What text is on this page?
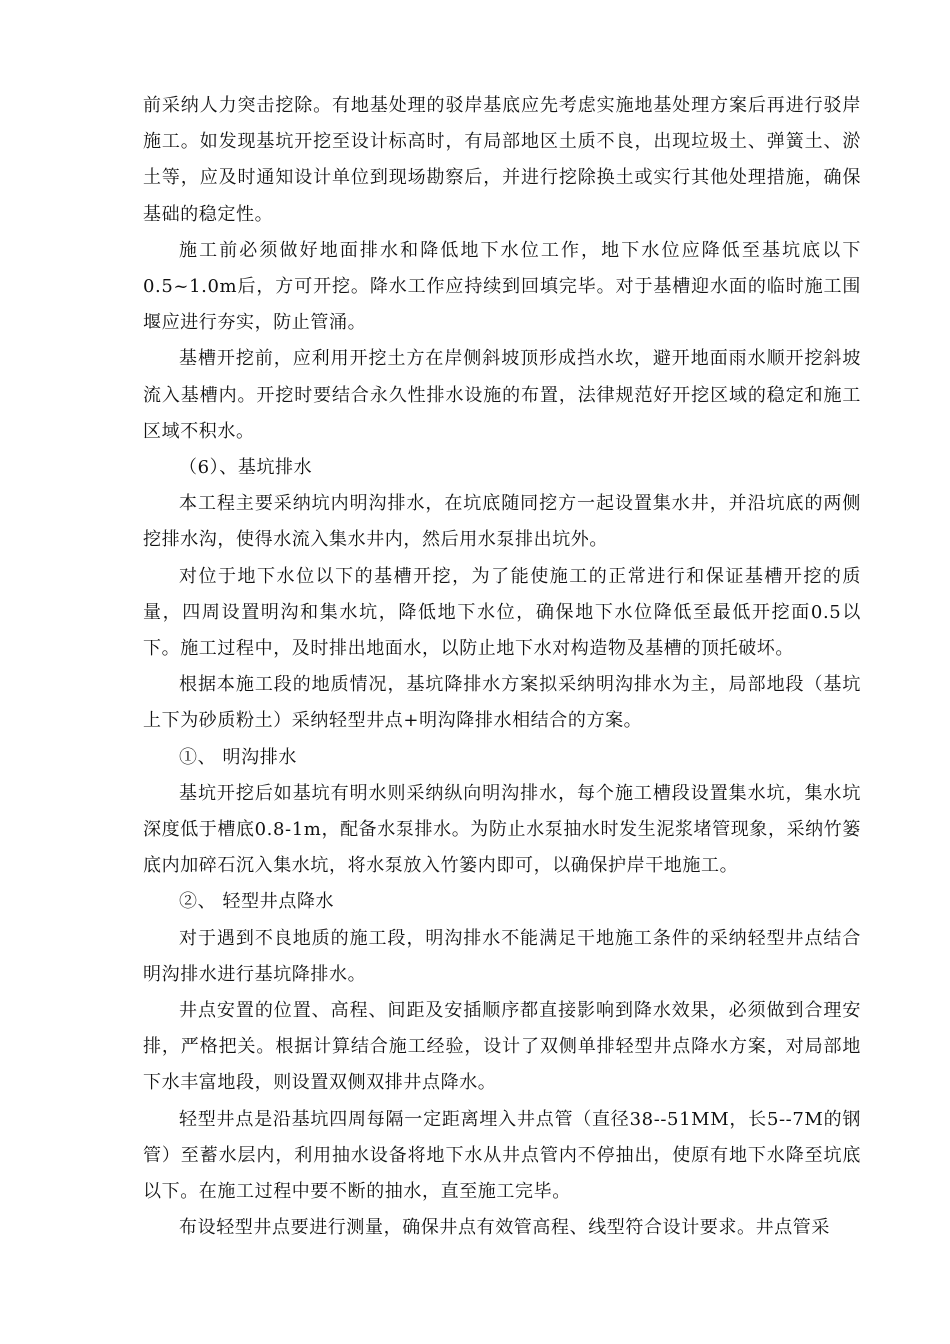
前采纳人力突击挖除。有地基处理的驳岸基底应先考虑实施地基处理方案后再进行驳岸施工。如发现基坑开挖至设计标高时，有局部地区土质不良，出现垃圾土、弹簧土、淤土等，应及时通知设计单位到现场勘察后，并进行挖除换土或实行其他处理措施，确保基础的稳定性。

施工前必须做好地面排水和降低地下水位工作，地下水位应降低至基坑底以下0.5~1.0m后，方可开挖。降水工作应持续到回填完毕。对于基槽迎水面的临时施工围堰应进行夯实，防止管涌。

基槽开挖前，应利用开挖土方在岸侧斜坡顶形成挡水坎，避开地面雨水顺开挖斜坡流入基槽内。开挖时要结合永久性排水设施的布置，法律规范好开挖区域的稳定和施工区域不积水。

（6）、基坑排水

本工程主要采纳坑内明沟排水，在坑底随同挖方一起设置集水井，并沿坑底的两侧挖排水沟，使得水流入集水井内，然后用水泵排出坑外。

对位于地下水位以下的基槽开挖，为了能使施工的正常进行和保证基槽开挖的质量，四周设置明沟和集水坑，降低地下水位，确保地下水位降低至最低开挖面0.5以下。施工过程中，及时排出地面水，以防止地下水对构造物及基槽的顶托破坏。

根据本施工段的地质情况，基坑降排水方案拟采纳明沟排水为主，局部地段（基坑上下为砂质粉土）采纳轻型井点+明沟降排水相结合的方案。

①、 明沟排水

基坑开挖后如基坑有明水则采纳纵向明沟排水，每个施工槽段设置集水坑，集水坑深度低于槽底0.8-1m，配备水泵排水。为防止水泵抽水时发生泥浆堵管现象，采纳竹篓底内加碎石沉入集水坑，将水泵放入竹篓内即可，以确保护岸干地施工。

②、 轻型井点降水

对于遇到不良地质的施工段，明沟排水不能满足干地施工条件的采纳轻型井点结合明沟排水进行基坑降排水。

井点安置的位置、高程、间距及安插顺序都直接影响到降水效果，必须做到合理安排，严格把关。根据计算结合施工经验，设计了双侧单排轻型井点降水方案，对局部地下水丰富地段，则设置双侧双排井点降水。

轻型井点是沿基坑四周每隔一定距离埋入井点管（直径38--51MM，长5--7M的钢管）至蓄水层内，利用抽水设备将地下水从井点管内不停抽出，使原有地下水降至坑底以下。在施工过程中要不断的抽水，直至施工完毕。

布设轻型井点要进行测量，确保井点有效管高程、线型符合设计要求。井点管采
